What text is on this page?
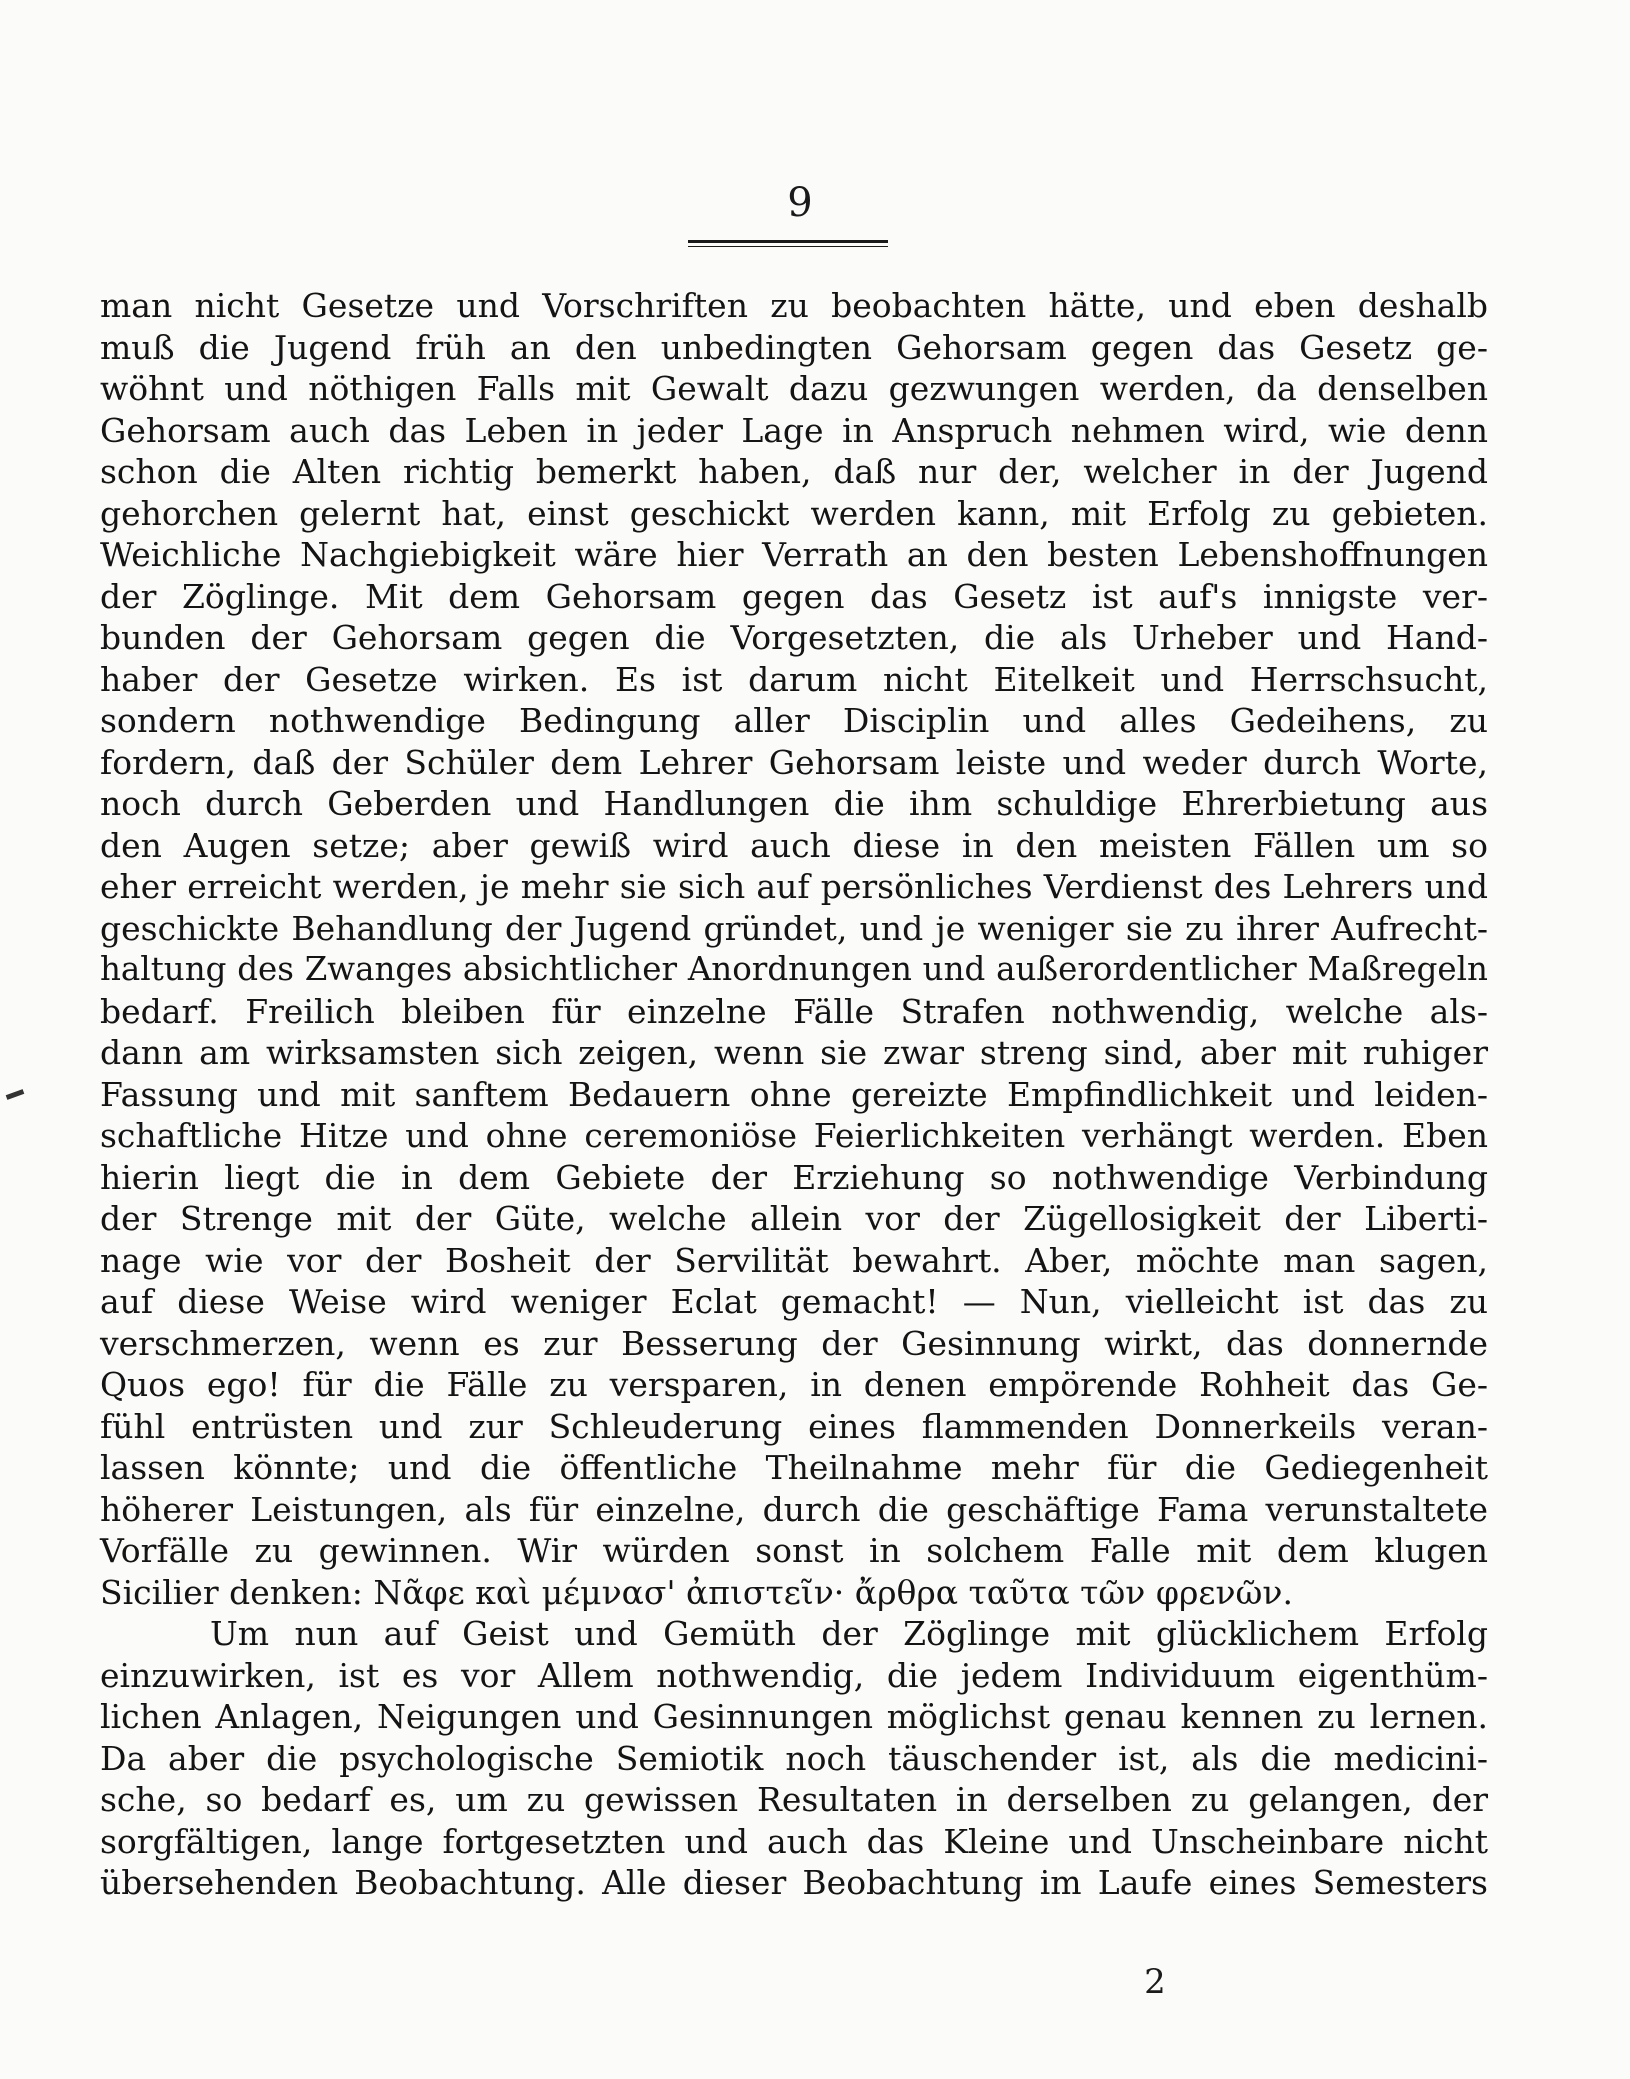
9
man nicht Gesetze und Vorschriften zu beobachten hätte, und eben deshalb
muß die Jugend früh an den unbedingten Gehorsam gegen das Gesetz ge-
wöhnt und nöthigen Falls mit Gewalt dazu gezwungen werden, da denselben
Gehorsam auch das Leben in jeder Lage in Anspruch nehmen wird, wie denn
schon die Alten richtig bemerkt haben, daß nur der, welcher in der Jugend
gehorchen gelernt hat, einst geschickt werden kann, mit Erfolg zu gebieten.
Weichliche Nachgiebigkeit wäre hier Verrath an den besten Lebenshoffnungen
der Zöglinge. Mit dem Gehorsam gegen das Gesetz ist auf's innigste ver-
bunden der Gehorsam gegen die Vorgesetzten, die als Urheber und Hand-
haber der Gesetze wirken. Es ist darum nicht Eitelkeit und Herrschsucht,
sondern nothwendige Bedingung aller Disciplin und alles Gedeihens, zu
fordern, daß der Schüler dem Lehrer Gehorsam leiste und weder durch Worte,
noch durch Geberden und Handlungen die ihm schuldige Ehrerbietung aus
den Augen setze; aber gewiß wird auch diese in den meisten Fällen um so
eher erreicht werden, je mehr sie sich auf persönliches Verdienst des Lehrers und
geschickte Behandlung der Jugend gründet, und je weniger sie zu ihrer Aufrecht-
haltung des Zwanges absichtlicher Anordnungen und außerordentlicher Maßregeln
bedarf. Freilich bleiben für einzelne Fälle Strafen nothwendig, welche als-
dann am wirksamsten sich zeigen, wenn sie zwar streng sind, aber mit ruhiger
Fassung und mit sanftem Bedauern ohne gereizte Empfindlichkeit und leiden-
schaftliche Hitze und ohne ceremoniöse Feierlichkeiten verhängt werden. Eben
hierin liegt die in dem Gebiete der Erziehung so nothwendige Verbindung
der Strenge mit der Güte, welche allein vor der Zügellosigkeit der Liberti-
nage wie vor der Bosheit der Servilität bewahrt. Aber, möchte man sagen,
auf diese Weise wird weniger Eclat gemacht! — Nun, vielleicht ist das zu
verschmerzen, wenn es zur Besserung der Gesinnung wirkt, das donnernde
Quos ego! für die Fälle zu versparen, in denen empörende Rohheit das Ge-
fühl entrüsten und zur Schleuderung eines flammenden Donnerkeils veran-
lassen könnte; und die öffentliche Theilnahme mehr für die Gediegenheit
höherer Leistungen, als für einzelne, durch die geschäftige Fama verunstaltete
Vorfälle zu gewinnen. Wir würden sonst in solchem Falle mit dem klugen
Sicilier denken: Νᾶφε καὶ μέμνασ' ἀπιστεῖν· ἄρθρα ταῦτα τῶν φρενῶν.
Um nun auf Geist und Gemüth der Zöglinge mit glücklichem Erfolg
einzuwirken, ist es vor Allem nothwendig, die jedem Individuum eigenthüm-
lichen Anlagen, Neigungen und Gesinnungen möglichst genau kennen zu lernen.
Da aber die psychologische Semiotik noch täuschender ist, als die medicini-
sche, so bedarf es, um zu gewissen Resultaten in derselben zu gelangen, der
sorgfältigen, lange fortgesetzten und auch das Kleine und Unscheinbare nicht
übersehenden Beobachtung. Alle dieser Beobachtung im Laufe eines Semesters
2
